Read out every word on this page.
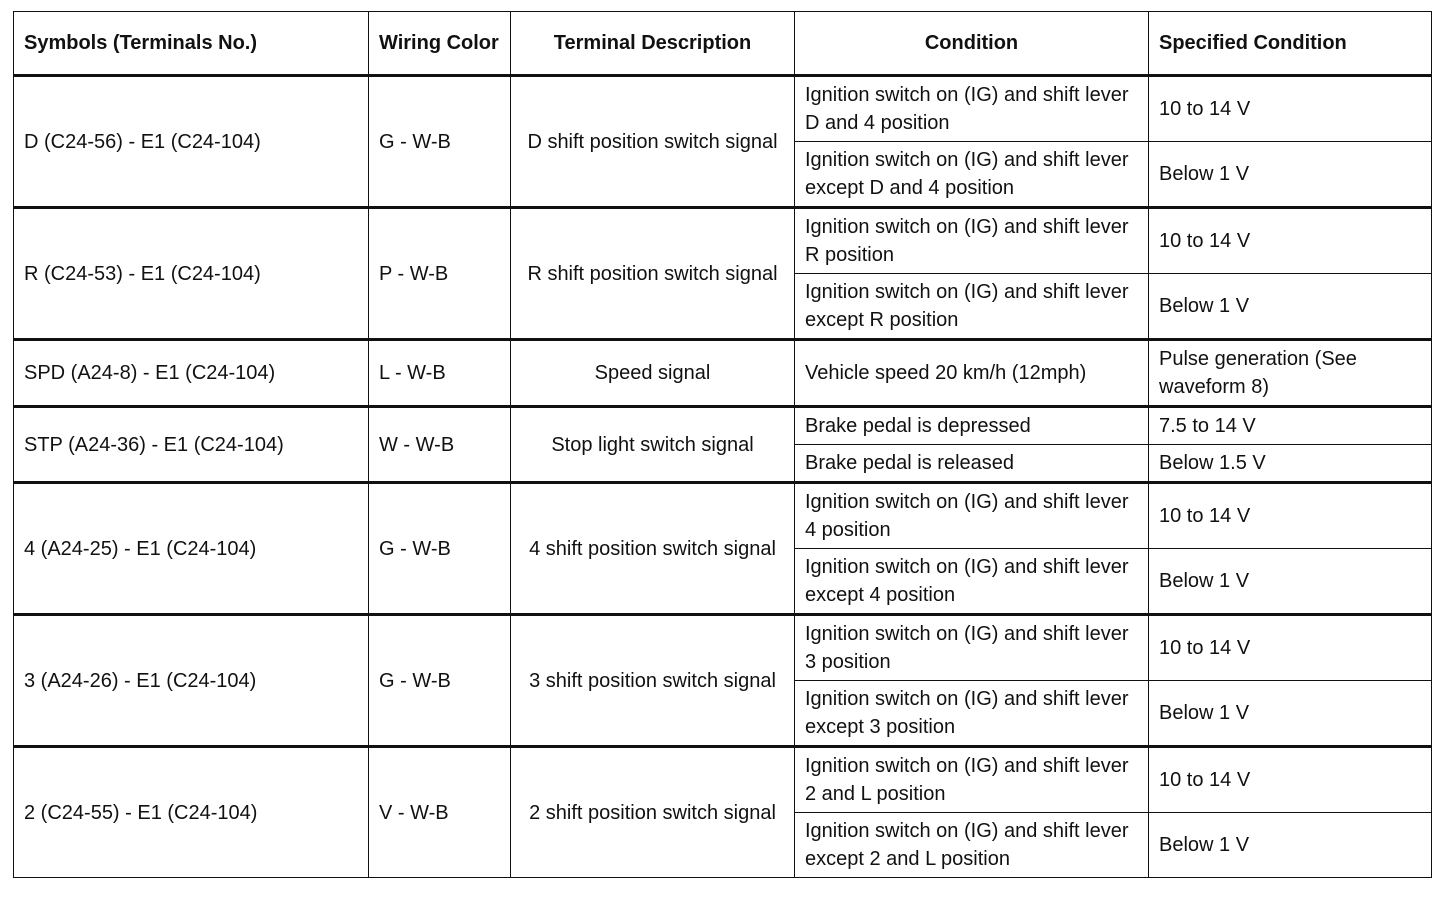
Symbols (Terminals No.)	Wiring Color	Terminal Description	Condition	Specified Condition
D (C24-56) - E1 (C24-104)	G - W-B	D shift position switch signal	Ignition switch on (IG) and shift lever D and 4 position	10 to 14 V
			Ignition switch on (IG) and shift lever except D and 4 position	Below 1 V
R (C24-53) - E1 (C24-104)	P - W-B	R shift position switch signal	Ignition switch on (IG) and shift lever R position	10 to 14 V
			Ignition switch on (IG) and shift lever except R position	Below 1 V
SPD (A24-8) - E1 (C24-104)	L - W-B	Speed signal	Vehicle speed 20 km/h (12mph)	Pulse generation (See waveform 8)
STP (A24-36) - E1 (C24-104)	W - W-B	Stop light switch signal	Brake pedal is depressed	7.5 to 14 V
			Brake pedal is released	Below 1.5 V
4 (A24-25) - E1 (C24-104)	G - W-B	4 shift position switch signal	Ignition switch on (IG) and shift lever 4 position	10 to 14 V
			Ignition switch on (IG) and shift lever except 4 position	Below 1 V
3 (A24-26) - E1 (C24-104)	G - W-B	3 shift position switch signal	Ignition switch on (IG) and shift lever 3 position	10 to 14 V
			Ignition switch on (IG) and shift lever except 3 position	Below 1 V
2 (C24-55) - E1 (C24-104)	V - W-B	2 shift position switch signal	Ignition switch on (IG) and shift lever 2 and L position	10 to 14 V
			Ignition switch on (IG) and shift lever except 2 and L position	Below 1 V
